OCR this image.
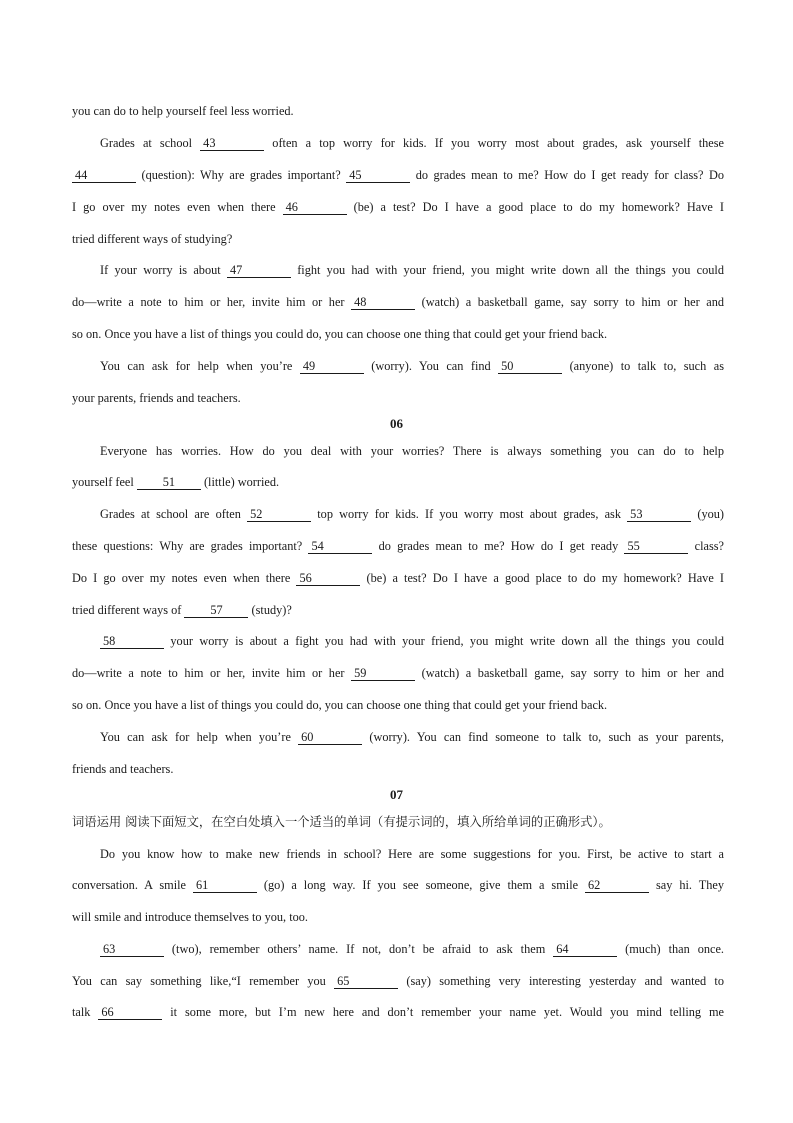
you can do to help yourself feel less worried.
Grades at school 43	often a top worry for kids. If you worry most about grades, ask yourself these
44	(question): Why are grades important? 45	do grades mean to me? How do I get ready for class? Do
I go over my notes even when there 46	(be) a test? Do I have a good place to do my homework? Have I
tried different ways of studying?
If your worry is about 47	fight you had with your friend, you might write down all the things you could
do—write a note to him or her, invite him or her 48	(watch) a basketball game, say sorry to him or her and
so on. Once you have a list of things you could do, you can choose one thing that could get your friend back.
You can ask for help when you’re 49	(worry). You can find 50	(anyone) to talk to, such as
your parents, friends and teachers.
Everyone has worries. How do you deal with your worries? There is always something you can do to help
yourself feel 51 (little) worried.
Grades at school are often 52	top worry for kids. If you worry most about grades, ask 53	(you)
these questions: Why are grades important? 54	do grades mean to me? How do I get ready 55	class?
Do I go over my notes even when there 56	(be) a test? Do I have a good place to do my homework? Have I
tried different ways of 57 (study)?
58	your worry is about a fight you had with your friend, you might write down all the things you could
do—write a note to him or her, invite him or her 59	(watch) a basketball game, say sorry to him or her and
so on. Once you have a list of things you could do, you can choose one thing that could get your friend back.
You can ask for help when you’re 60	(worry). You can find someone to talk to, such as your parents,
friends and teachers.
词语运用 阅读下面短文，在空白处填入一个适当的单词（有提示词的，填入所给单词的正确形式）。
Do you know how to make new friends in school? Here are some suggestions for you. First, be active to start a
conversation. A smile 61	(go) a long way. If you see someone, give them a smile 62	say hi. They
will smile and introduce themselves to you, too.
63	(two), remember others’ name. If not, don’t be afraid to ask them 64	(much) than once.
You can say something like,“I remember you 65	(say) something very interesting yesterday and wanted to
talk 66	it some more, but I’m new here and don’t remember your name yet. Would you mind telling me
06
07
